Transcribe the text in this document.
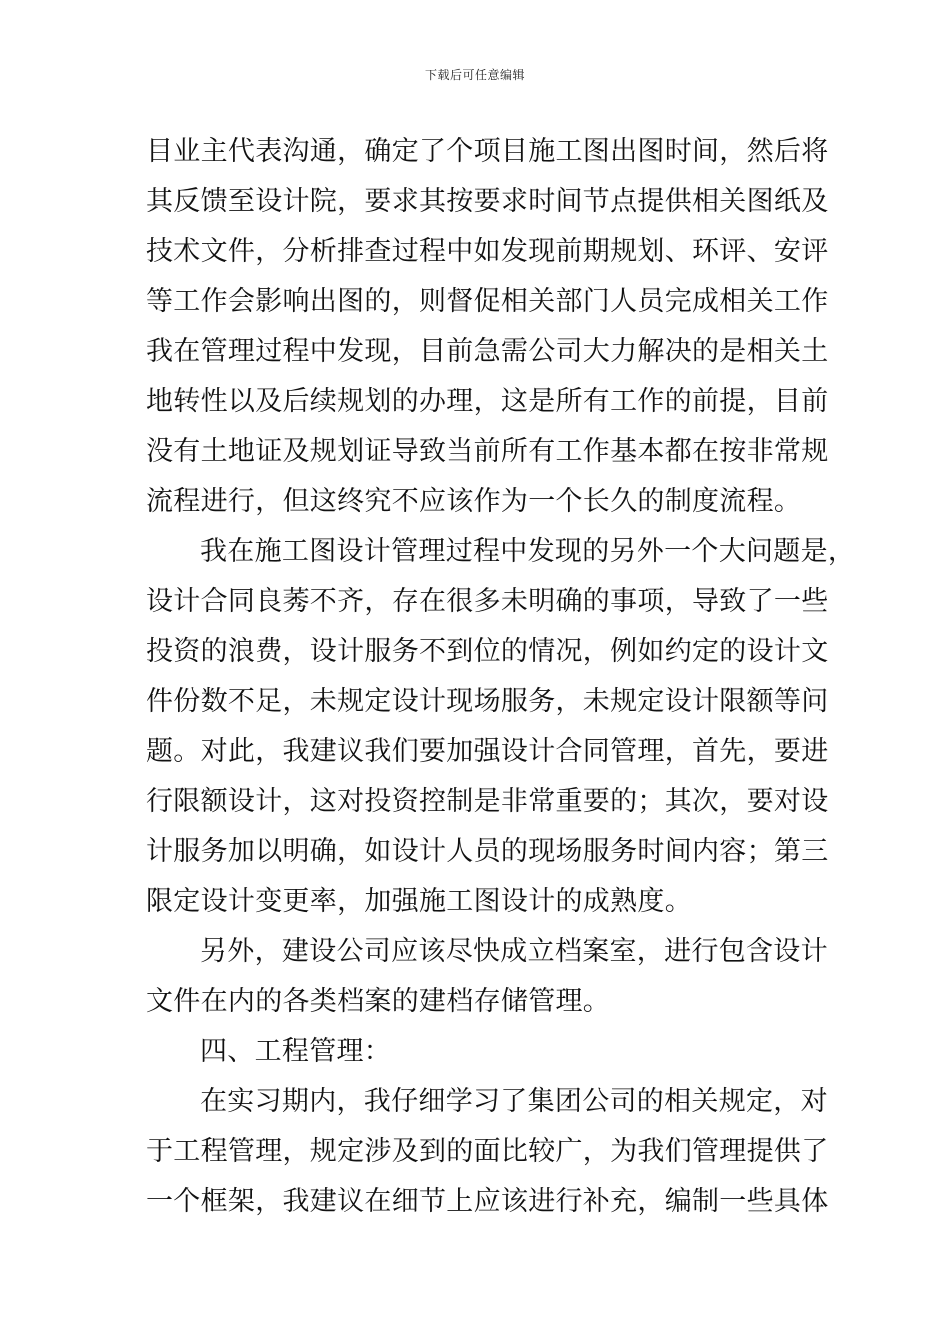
下载后可任意编辑
目业主代表沟通，确定了个项目施工图出图时间，然后将
其反馈至设计院，要求其按要求时间节点提供相关图纸及
技术文件，分析排查过程中如发现前期规划、环评、安评
等工作会影响出图的，则督促相关部门人员完成相关工作
我在管理过程中发现，目前急需公司大力解决的是相关土
地转性以及后续规划的办理，这是所有工作的前提，目前
没有土地证及规划证导致当前所有工作基本都在按非常规
流程进行，但这终究不应该作为一个长久的制度流程。
我在施工图设计管理过程中发现的另外一个大问题是，
设计合同良莠不齐，存在很多未明确的事项，导致了一些
投资的浪费，设计服务不到位的情况，例如约定的设计文
件份数不足，未规定设计现场服务，未规定设计限额等问
题。对此，我建议我们要加强设计合同管理，首先，要进
行限额设计，这对投资控制是非常重要的；其次，要对设
计服务加以明确，如设计人员的现场服务时间内容；第三
限定设计变更率，加强施工图设计的成熟度。
另外，建设公司应该尽快成立档案室，进行包含设计
文件在内的各类档案的建档存储管理。
四、工程管理：
在实习期内，我仔细学习了集团公司的相关规定，对
于工程管理，规定涉及到的面比较广，为我们管理提供了
一个框架，我建议在细节上应该进行补充，编制一些具体
